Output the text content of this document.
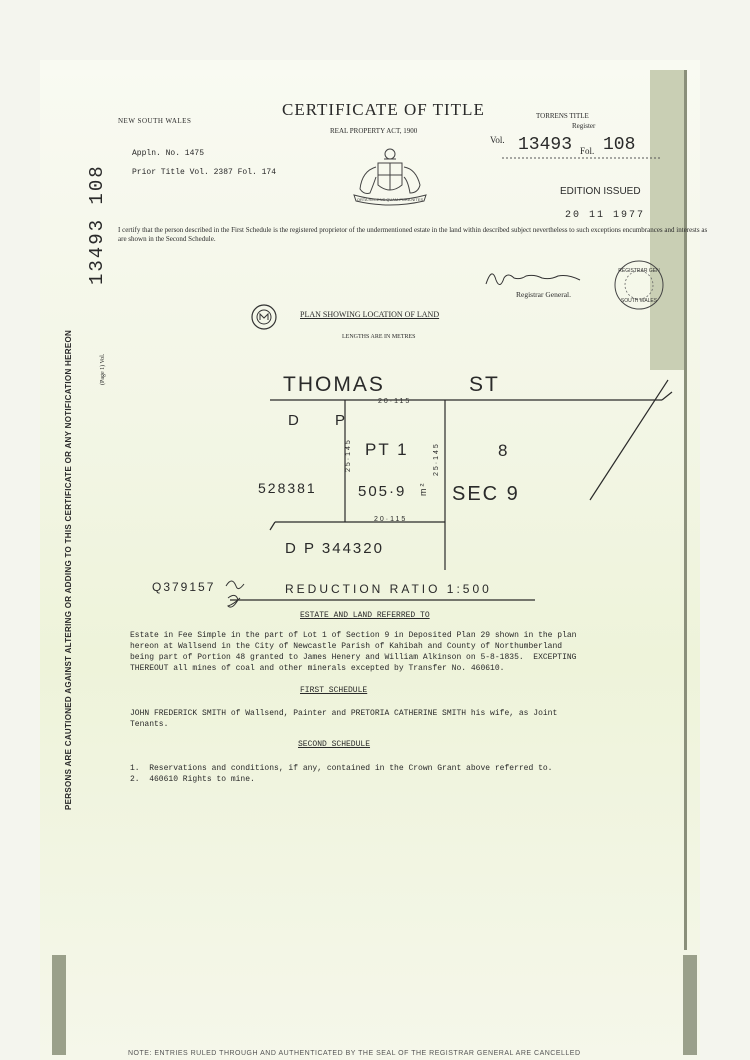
NEW SOUTH WALES
CERTIFICATE OF TITLE
REAL PROPERTY ACT, 1900
TORRENS TITLE
Register
Appln. No. 1475
Prior Title Vol. 2387 Fol. 174
Vol. 13493 Fol. 108
EDITION ISSUED
20 11 1977
I certify that the person described in the First Schedule is the registered proprietor of the undermentioned estate in the land within described subject nevertheless to such exceptions encumbrances and interests as are shown in the Second Schedule.
ORTA RECENS QUAM PURA NITES
Registrar General.
REGISTRAR GEN
SOUTH WALES
PLAN SHOWING LOCATION OF LAND
LENGTHS ARE IN METRES
THOMAS	ST
D P
20·115
PT 1	8
25·145	25·145
505·9 m²
528381	SEC 9
20·115
D P 344320
Q379157	REDUCTION RATIO 1:500
ESTATE AND LAND REFERRED TO
Estate in Fee Simple in the part of Lot 1 of Section 9 in Deposited Plan 29 shown in the plan
hereon at Wallsend in the City of Newcastle Parish of Kahibah and County of Northumberland
being part of Portion 48 granted to James Henery and William Alkinson on 5-8-1835.  EXCEPTING
THEREOUT all mines of coal and other minerals excepted by Transfer No. 460610.
FIRST SCHEDULE
JOHN FREDERICK SMITH of Wallsend, Painter and PRETORIA CATHERINE SMITH his wife, as Joint
Tenants.
SECOND SCHEDULE
1.  Reservations and conditions, if any, contained in the Crown Grant above referred to.
2.  460610 Rights to mine.
PERSONS ARE CAUTIONED AGAINST ALTERING OR ADDING TO THIS CERTIFICATE OR ANY NOTIFICATION HEREON	(Page 1) Vol.
13493 108
NOTE: ENTRIES RULED THROUGH AND AUTHENTICATED BY THE SEAL OF THE REGISTRAR GENERAL ARE CANCELLED
